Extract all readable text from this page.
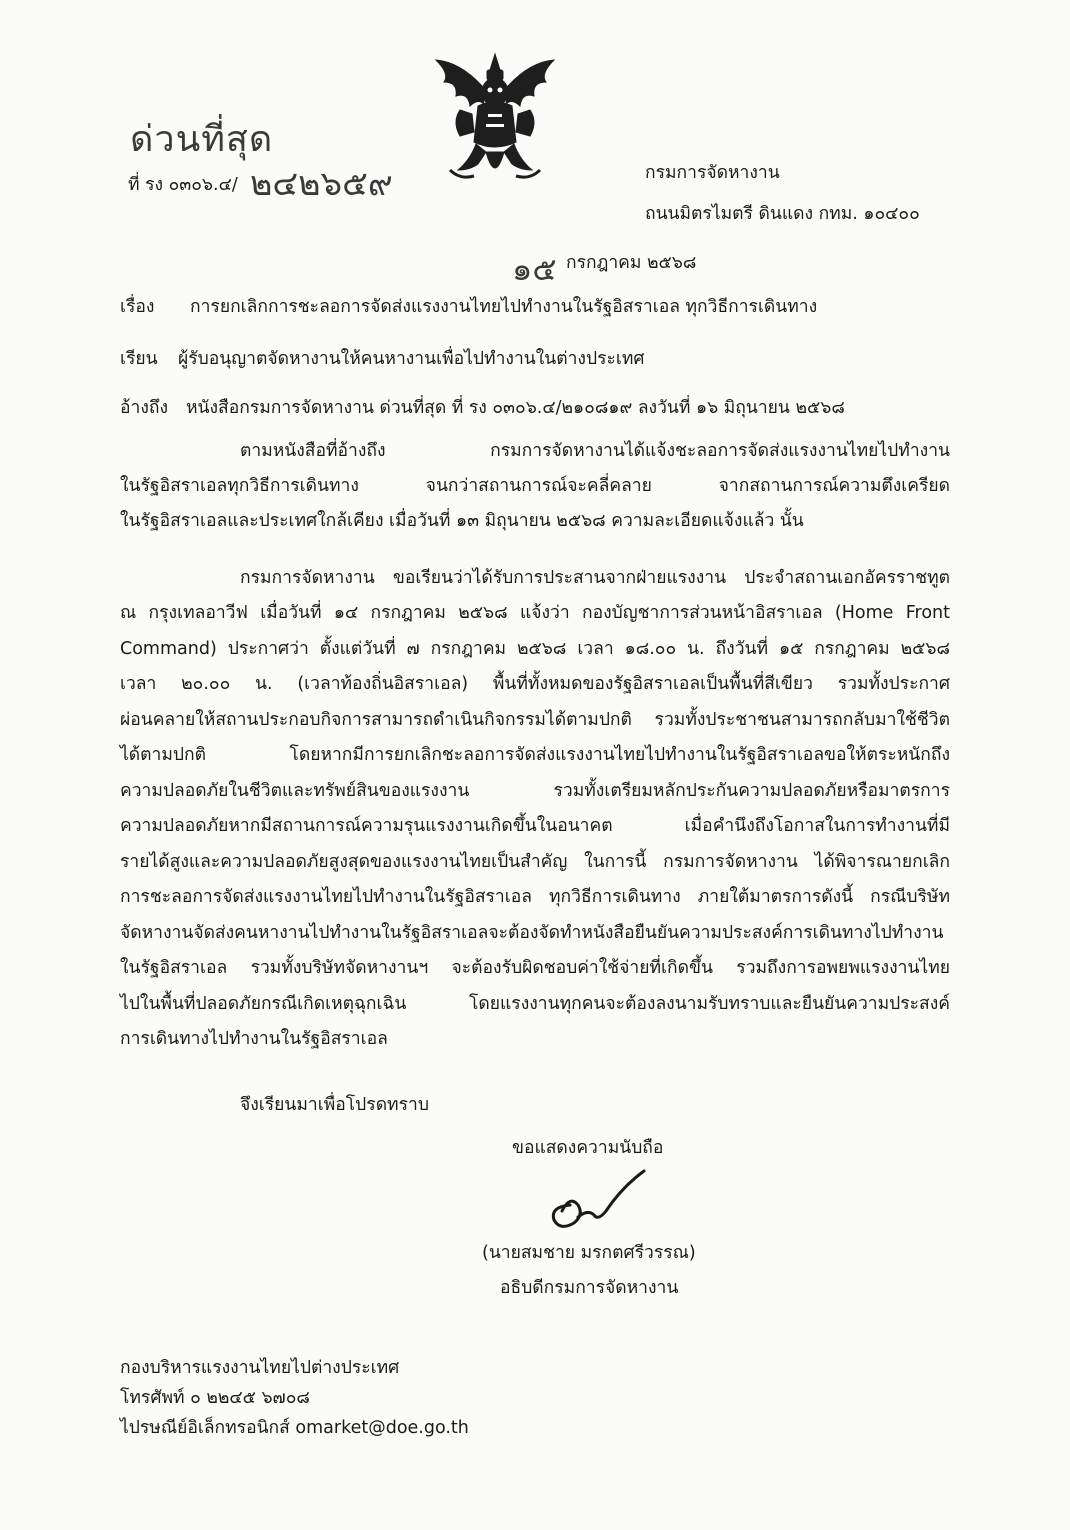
ด่วนที่สุด
ที่ รง ๐๓๐๖.๔/ ๒๔๒๖๕๙	กรมการจัดหางาน
ถนนมิตรไมตรี ดินแดง กทม. ๑๐๔๐๐
๑๕ กรกฎาคม ๒๕๖๘
เรื่อง การยกเลิกการชะลอการจัดส่งแรงงานไทยไปทำงานในรัฐอิสราเอล ทุกวิธีการเดินทาง
เรียน ผู้รับอนุญาตจัดหางานให้คนหางานเพื่อไปทำงานในต่างประเทศ
อ้างถึง หนังสือกรมการจัดหางาน ด่วนที่สุด ที่ รง ๐๓๐๖.๔/๒๑๐๘๑๙ ลงวันที่ ๑๖ มิถุนายน ๒๕๖๘
ตามหนังสือที่อ้างถึง กรมการจัดหางานได้แจ้งชะลอการจัดส่งแรงงานไทยไปทำงาน
ในรัฐอิสราเอลทุกวิธีการเดินทาง จนกว่าสถานการณ์จะคลี่คลาย จากสถานการณ์ความตึงเครียด
ในรัฐอิสราเอลและประเทศใกล้เคียง เมื่อวันที่ ๑๓ มิถุนายน ๒๕๖๘ ความละเอียดแจ้งแล้ว นั้น
กรมการจัดหางาน ขอเรียนว่าได้รับการประสานจากฝ่ายแรงงาน ประจำสถานเอกอัครราชทูต
ณ กรุงเทลอาวีฟ เมื่อวันที่ ๑๔ กรกฎาคม ๒๕๖๘ แจ้งว่า กองบัญชาการส่วนหน้าอิสราเอล (Home Front
Command) ประกาศว่า ตั้งแต่วันที่ ๗ กรกฎาคม ๒๕๖๘ เวลา ๑๘.๐๐ น. ถึงวันที่ ๑๕ กรกฎาคม ๒๕๖๘
เวลา ๒๐.๐๐ น. (เวลาท้องถิ่นอิสราเอล) พื้นที่ทั้งหมดของรัฐอิสราเอลเป็นพื้นที่สีเขียว รวมทั้งประกาศ
ผ่อนคลายให้สถานประกอบกิจการสามารถดำเนินกิจกรรมได้ตามปกติ รวมทั้งประชาชนสามารถกลับมาใช้ชีวิต
ได้ตามปกติ โดยหากมีการยกเลิกชะลอการจัดส่งแรงงานไทยไปทำงานในรัฐอิสราเอลขอให้ตระหนักถึง
ความปลอดภัยในชีวิตและทรัพย์สินของแรงงาน รวมทั้งเตรียมหลักประกันความปลอดภัยหรือมาตรการ
ความปลอดภัยหากมีสถานการณ์ความรุนแรงงานเกิดขึ้นในอนาคต เมื่อคำนึงถึงโอกาสในการทำงานที่มี
รายได้สูงและความปลอดภัยสูงสุดของแรงงานไทยเป็นสำคัญ ในการนี้ กรมการจัดหางาน ได้พิจารณายกเลิก
การชะลอการจัดส่งแรงงานไทยไปทำงานในรัฐอิสราเอล ทุกวิธีการเดินทาง ภายใต้มาตรการดังนี้ กรณีบริษัท
จัดหางานจัดส่งคนหางานไปทำงานในรัฐอิสราเอลจะต้องจัดทำหนังสือยืนยันความประสงค์การเดินทางไปทำงาน
ในรัฐอิสราเอล รวมทั้งบริษัทจัดหางานฯ จะต้องรับผิดชอบค่าใช้จ่ายที่เกิดขึ้น รวมถึงการอพยพแรงงานไทย
ไปในพื้นที่ปลอดภัยกรณีเกิดเหตุฉุกเฉิน โดยแรงงานทุกคนจะต้องลงนามรับทราบและยืนยันความประสงค์
การเดินทางไปทำงานในรัฐอิสราเอล
จึงเรียนมาเพื่อโปรดทราบ
ขอแสดงความนับถือ
(นายสมชาย มรกตศรีวรรณ)
อธิบดีกรมการจัดหางาน
กองบริหารแรงงานไทยไปต่างประเทศ
โทรศัพท์ ๐ ๒๒๔๕ ๖๗๐๘
ไปรษณีย์อิเล็กทรอนิกส์ omarket@doe.go.th
